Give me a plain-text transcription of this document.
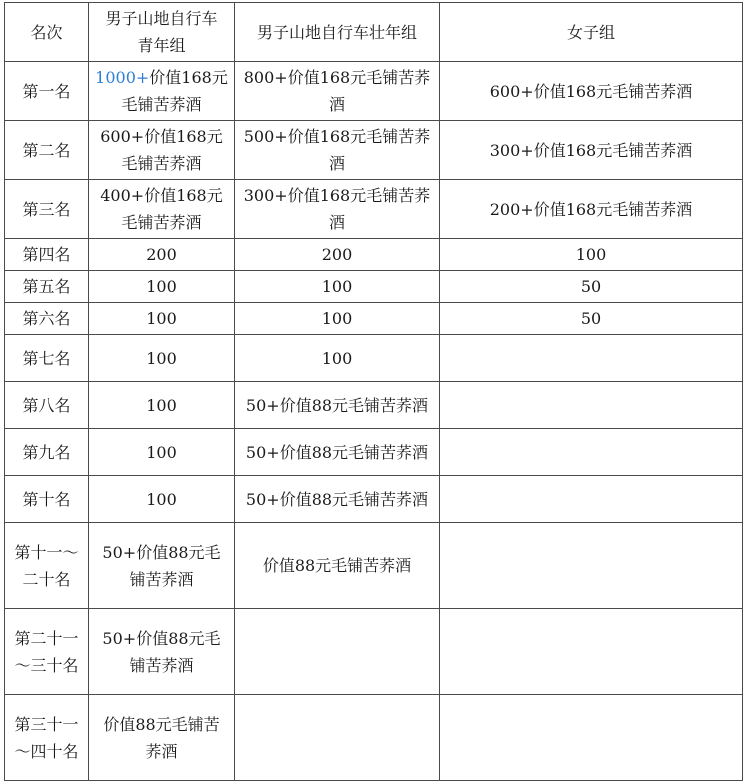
名次	男子山地自行车青年组	男子山地自行车壮年组	女子组
第一名	1000+价值168元毛铺苦荞酒	800+价值168元毛铺苦荞酒	600+价值168元毛铺苦荞酒
第二名	600+价值168元毛铺苦荞酒	500+价值168元毛铺苦荞酒	300+价值168元毛铺苦荞酒
第三名	400+价值168元毛铺苦荞酒	300+价值168元毛铺苦荞酒	200+价值168元毛铺苦荞酒
第四名	200	200	100
第五名	100	100	50
第六名	100	100	50
第七名	100	100	
第八名	100	50+价值88元毛铺苦荞酒	
第九名	100	50+价值88元毛铺苦荞酒	
第十名	100	50+价值88元毛铺苦荞酒	
第十一～二十名	50+价值88元毛铺苦荞酒	价值88元毛铺苦荞酒	
第二十一～三十名	50+价值88元毛铺苦荞酒		
第三十一～四十名	价值88元毛铺苦荞酒		
